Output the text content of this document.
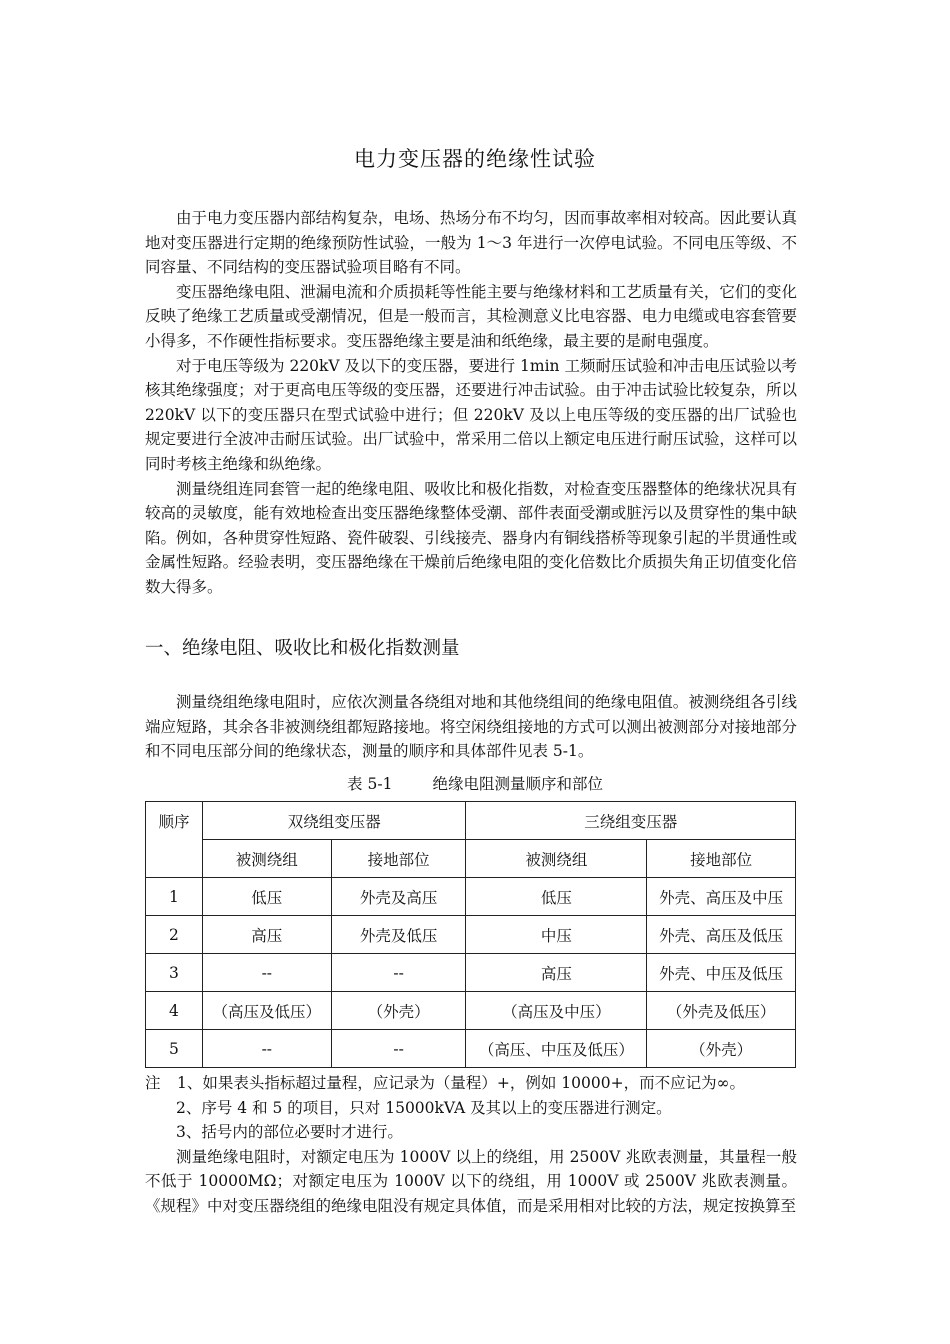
电力变压器的绝缘性试验

由于电力变压器内部结构复杂，电场、热场分布不均匀，因而事故率相对较高。因此要认真地对变压器进行定期的绝缘预防性试验，一般为 1～3 年进行一次停电试验。不同电压等级、不同容量、不同结构的变压器试验项目略有不同。

变压器绝缘电阻、泄漏电流和介质损耗等性能主要与绝缘材料和工艺质量有关，它们的变化反映了绝缘工艺质量或受潮情况，但是一般而言，其检测意义比电容器、电力电缆或电容套管要小得多，不作硬性指标要求。变压器绝缘主要是油和纸绝缘，最主要的是耐电强度。

对于电压等级为 220kV 及以下的变压器，要进行 1min 工频耐压试验和冲击电压试验以考核其绝缘强度；对于更高电压等级的变压器，还要进行冲击试验。由于冲击试验比较复杂，所以 220kV 以下的变压器只在型式试验中进行；但 220kV 及以上电压等级的变压器的出厂试验也规定要进行全波冲击耐压试验。出厂试验中，常采用二倍以上额定电压进行耐压试验，这样可以同时考核主绝缘和纵绝缘。

测量绕组连同套管一起的绝缘电阻、吸收比和极化指数，对检查变压器整体的绝缘状况具有较高的灵敏度，能有效地检查出变压器绝缘整体受潮、部件表面受潮或脏污以及贯穿性的集中缺陷。例如，各种贯穿性短路、瓷件破裂、引线接壳、器身内有铜线搭桥等现象引起的半贯通性或金属性短路。经验表明，变压器绝缘在干燥前后绝缘电阻的变化倍数比介质损失角正切值变化倍数大得多。

一、绝缘电阻、吸收比和极化指数测量

测量绕组绝缘电阻时，应依次测量各绕组对地和其他绕组间的绝缘电阻值。被测绕组各引线端应短路，其余各非被测绕组都短路接地。将空闲绕组接地的方式可以测出被测部分对接地部分和不同电压部分间的绝缘状态，测量的顺序和具体部件见表 5-1。

表 5-1	绝缘电阻测量顺序和部位
顺序	双绕组变压器		三绕组变压器	
	被测绕组	接地部位	被测绕组	接地部位
1	低压	外壳及高压	低压	外壳、高压及中压
2	高压	外壳及低压	中压	外壳、高压及低压
3	--	--	高压	外壳、中压及低压
4	（高压及低压）	（外壳）	（高压及中压）	（外壳及低压）
5	--	--	（高压、中压及低压）	（外壳）

注 1、如果表头指标超过量程，应记录为（量程）+，例如 10000+，而不应记为∞。

2、序号 4 和 5 的项目，只对 15000kVA 及其以上的变压器进行测定。

3、括号内的部位必要时才进行。

测量绝缘电阻时，对额定电压为 1000V 以上的绕组，用 2500V 兆欧表测量，其量程一般不低于 10000MΩ；对额定电压为 1000V 以下的绕组，用 1000V 或 2500V 兆欧表测量。《规程》中对变压器绕组的绝缘电阻没有规定具体值，而是采用相对比较的方法，规定按换算至
